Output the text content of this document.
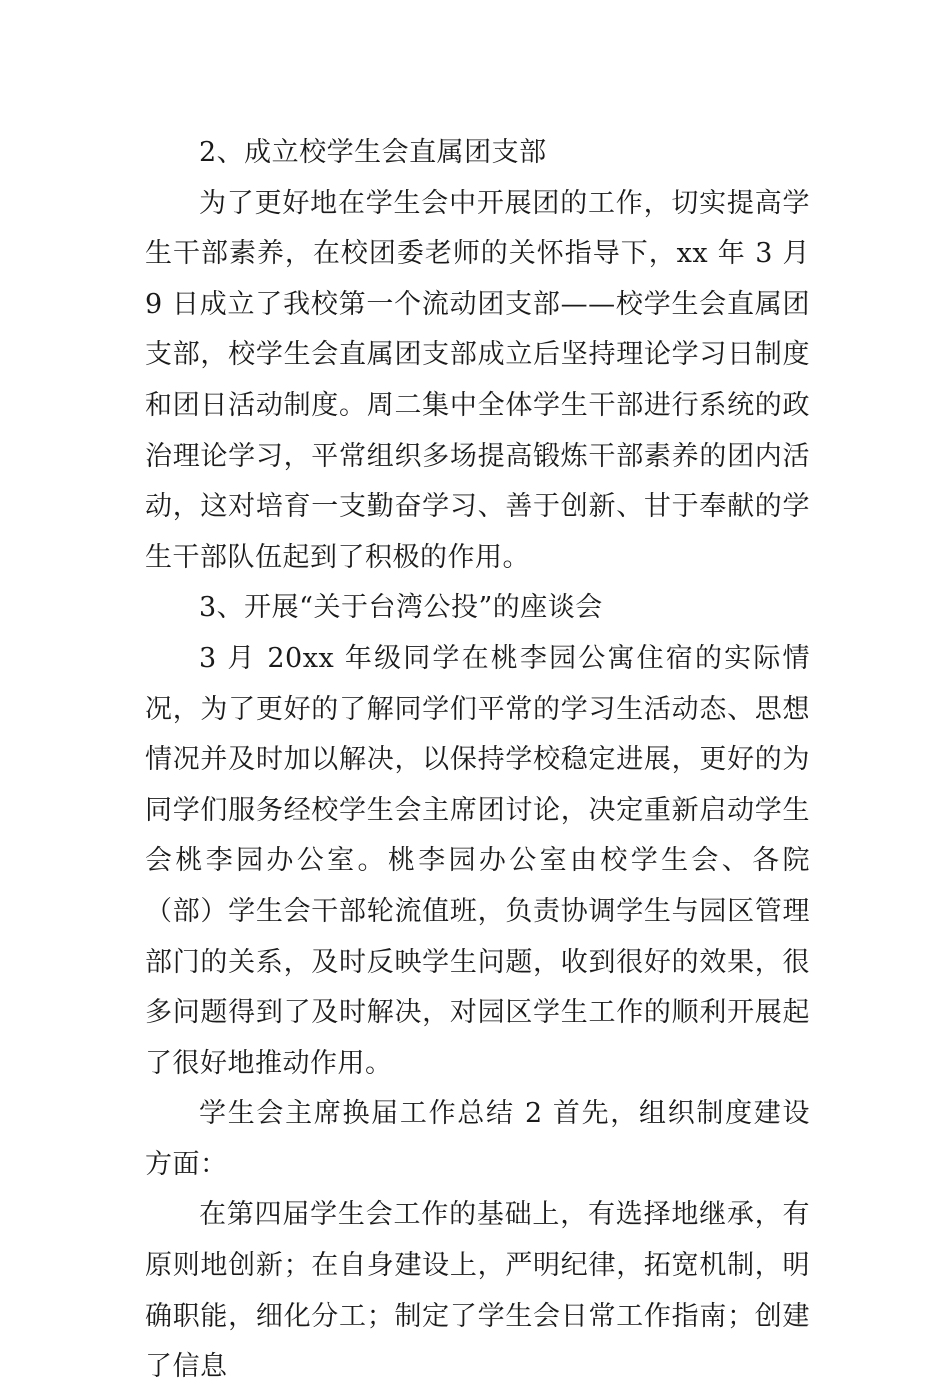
2、成立校学生会直属团支部

为了更好地在学生会中开展团的工作，切实提高学生干部素养，在校团委老师的关怀指导下，xx 年 3 月 9 日成立了我校第一个流动团支部——校学生会直属团支部，校学生会直属团支部成立后坚持理论学习日制度和团日活动制度。周二集中全体学生干部进行系统的政治理论学习，平常组织多场提高锻炼干部素养的团内活动，这对培育一支勤奋学习、善于创新、甘于奉献的学生干部队伍起到了积极的作用。

3、开展“关于台湾公投”的座谈会

3 月 20xx 年级同学在桃李园公寓住宿的实际情况，为了更好的了解同学们平常的学习生活动态、思想情况并及时加以解决，以保持学校稳定进展，更好的为同学们服务经校学生会主席团讨论，决定重新启动学生会桃李园办公室。桃李园办公室由校学生会、各院（部）学生会干部轮流值班，负责协调学生与园区管理部门的关系，及时反映学生问题，收到很好的效果，很多问题得到了及时解决，对园区学生工作的顺利开展起了很好地推动作用。

学生会主席换届工作总结 2 首先，组织制度建设方面：

在第四届学生会工作的基础上，有选择地继承，有原则地创新；在自身建设上，严明纪律，拓宽机制，明确职能，细化分工；制定了学生会日常工作指南；创建了信息
